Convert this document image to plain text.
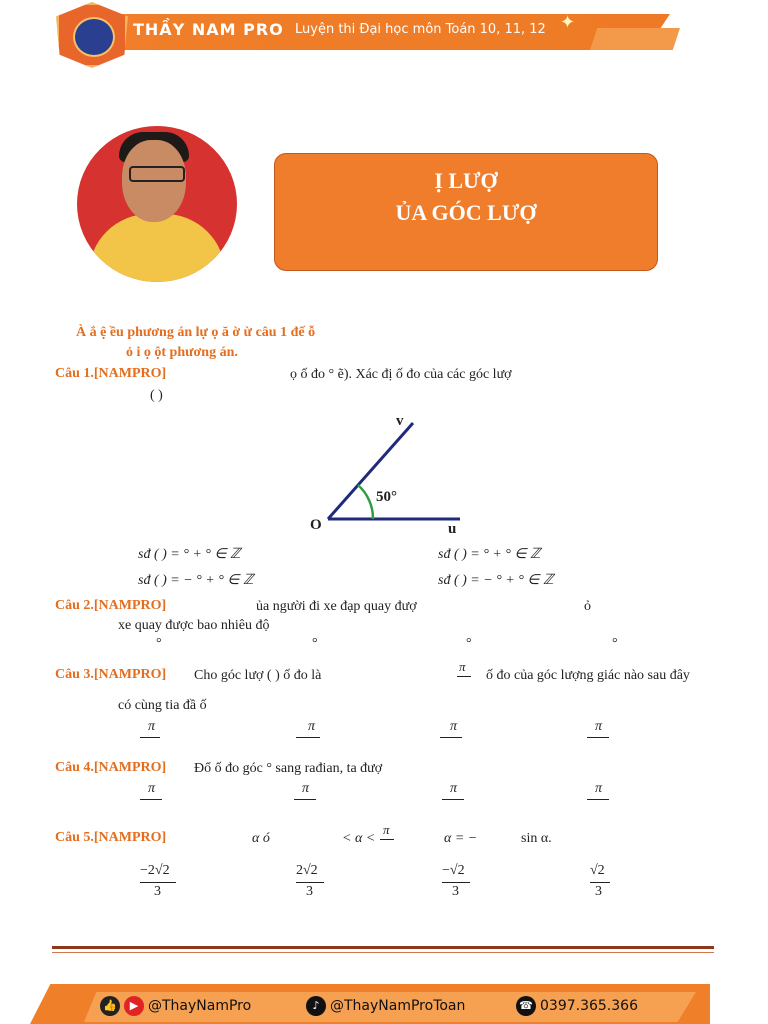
THẦY NAM PRO Luyện thi Đại học môn Toán 10, 11, 12 ✦
Ị LƯỢ
ỦA GÓC LƯỢ
À ắ ệ ều phương án lự ọ ă ờ ừ câu 1 đế ỗ
ỏ i ọ ột phương án.
Câu 1.[NAMPRO]	ọ ố đo ° ẽ). Xác đị ố đo của các góc lượ
( )
v
O	u
50°
sđ ( ) = ° + ° ∈ ℤ	sđ ( ) = ° + ° ∈ ℤ
sđ ( ) = − ° + ° ∈ ℤ	sđ ( ) = − ° + ° ∈ ℤ
Câu 2.[NAMPRO]	ủa người đi xe đạp quay đượ	ỏ
xe quay được bao nhiêu độ
°	°	°	°
Câu 3.[NAMPRO] Cho góc lượ ( ) ố đo là
π
ố đo của góc lượng giác nào sau đây
có cùng tia đầ ố
π	π	π	π
Câu 4.[NAMPRO] Đổ ố đo góc ° sang rađian, ta đượ
π	π	π	π
Câu 5.[NAMPRO]	α ó	< α <
π
α = −	sin α.
−2√2	2√2	−√2	√2
3	3	3	3
👍 ▶ @ThayNamPro	♪ @ThayNamProToan	☎ 0397.365.366
